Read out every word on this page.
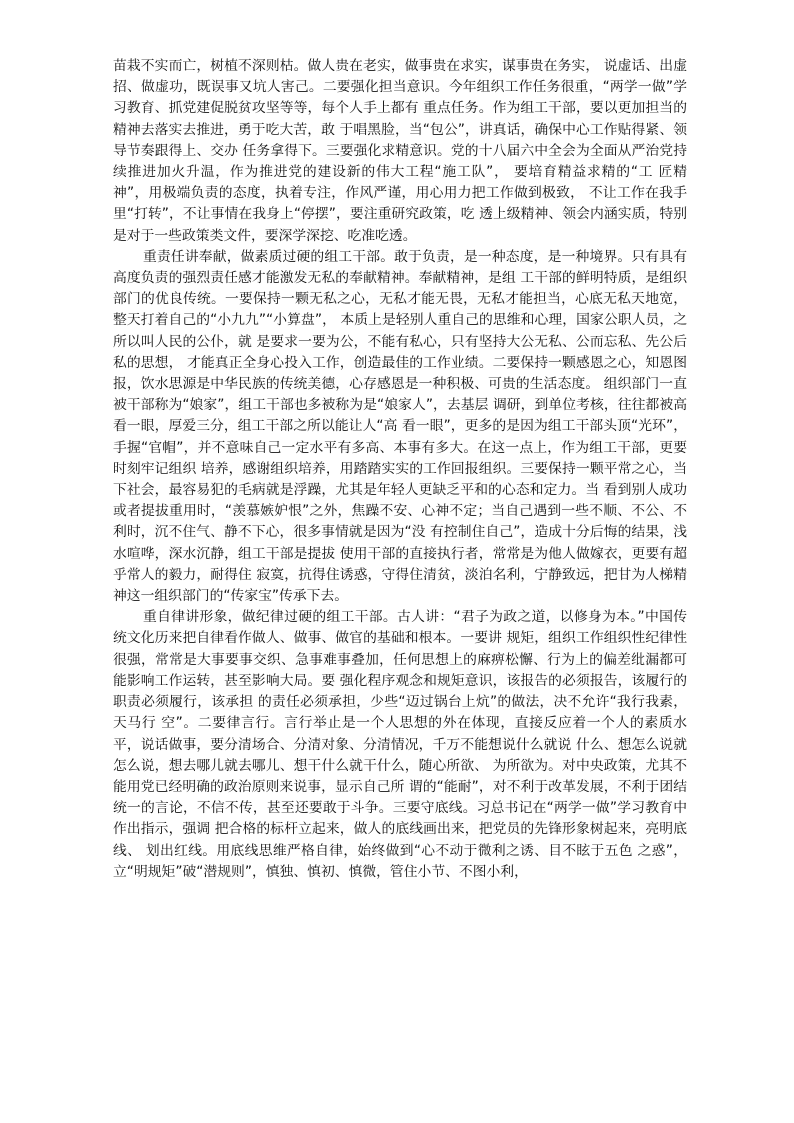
苗栽不实而亡，树植不深则枯。做人贵在老实，做事贵在求实，谋事贵在务实， 说虚话、出虚招、做虚功，既误事又坑人害己。二要强化担当意识。今年组织工作任务很重，“两学一做”学习教育、抓党建促脱贫攻坚等等，每个人手上都有 重点任务。作为组工干部，要以更加担当的精神去落实去推进，勇于吃大苦，敢 于唱黑脸，当“包公”，讲真话，确保中心工作贴得紧、领导节奏跟得上、交办 任务拿得下。三要强化求精意识。党的十八届六中全会为全面从严治党持续推进加火升温，作为推进党的建设新的伟大工程“施工队”， 要培育精益求精的“工 匠精神”，用极端负责的态度，执着专注，作风严谨，用心用力把工作做到极致， 不让工作在我手里“打转”，不让事情在我身上“停摆”，要注重研究政策，吃 透上级精神、领会内涵实质，特别是对于一些政策类文件，要深学深挖、吃准吃透。

重责任讲奉献，做素质过硬的组工干部。敢于负责，是一种态度，是一种境界。只有具有高度负责的强烈责任感才能激发无私的奉献精神。奉献精神，是组 工干部的鲜明特质，是组织部门的优良传统。一要保持一颗无私之心，无私才能无畏，无私才能担当，心底无私天地宽，整天打着自己的“小九九”“小算盘”， 本质上是轻别人重自己的思维和心理，国家公职人员，之所以叫人民的公仆，就 是要求一要为公，不能有私心，只有坚持大公无私、公而忘私、先公后私的思想， 才能真正全身心投入工作，创造最佳的工作业绩。二要保持一颗感恩之心，知恩图报，饮水思源是中华民族的传统美德，心存感恩是一种积极、可贵的生活态度。 组织部门一直被干部称为“娘家”，组工干部也多被称为是“娘家人”，去基层 调研，到单位考核，往往都被高看一眼，厚爱三分，组工干部之所以能让人“高 看一眼”，更多的是因为组工干部头顶“光环”，手握“官帽”，并不意味自己一定水平有多高、本事有多大。在这一点上，作为组工干部，更要时刻牢记组织 培养，感谢组织培养，用踏踏实实的工作回报组织。三要保持一颗平常之心，当 下社会，最容易犯的毛病就是浮躁，尤其是年轻人更缺乏平和的心态和定力。当 看到别人成功或者提拔重用时，“羡慕嫉妒恨”之外，焦躁不安、心神不定；当自己遇到一些不顺、不公、不利时，沉不住气、静不下心，很多事情就是因为“没 有控制住自己”，造成十分后悔的结果，浅水喧哗，深水沉静，组工干部是提拔 使用干部的直接执行者，常常是为他人做嫁衣，更要有超乎常人的毅力，耐得住 寂寞，抗得住诱惑，守得住清贫，淡泊名利，宁静致远，把甘为人梯精神这一组织部门的“传家宝”传承下去。

重自律讲形象，做纪律过硬的组工干部。古人讲：“君子为政之道，以修身为本。”中国传统文化历来把自律看作做人、做事、做官的基础和根本。一要讲 规矩，组织工作组织性纪律性很强，常常是大事要事交织、急事难事叠加，任何思想上的麻痹松懈、行为上的偏差纰漏都可能影响工作运转，甚至影响大局。要 强化程序观念和规矩意识，该报告的必须报告，该履行的职责必须履行，该承担 的责任必须承担，少些“迈过锅台上炕”的做法，决不允许“我行我素，天马行 空”。二要律言行。言行举止是一个人思想的外在体现，直接反应着一个人的素质水平，说话做事，要分清场合、分清对象、分清情况，千万不能想说什么就说 什么、想怎么说就怎么说，想去哪儿就去哪儿、想干什么就干什么，随心所欲、 为所欲为。对中央政策，尤其不能用党已经明确的政治原则来说事，显示自己所 谓的“能耐”，对不利于改革发展，不利于团结统一的言论，不信不传，甚至还要敢于斗争。三要守底线。习总书记在“两学一做”学习教育中作出指示，强调 把合格的标杆立起来，做人的底线画出来，把党员的先锋形象树起来，亮明底线、 划出红线。用底线思维严格自律，始终做到“心不动于微利之诱、目不眩于五色 之惑”，立“明规矩”破“潜规则”，慎独、慎初、慎微，管住小节、不图小利，
